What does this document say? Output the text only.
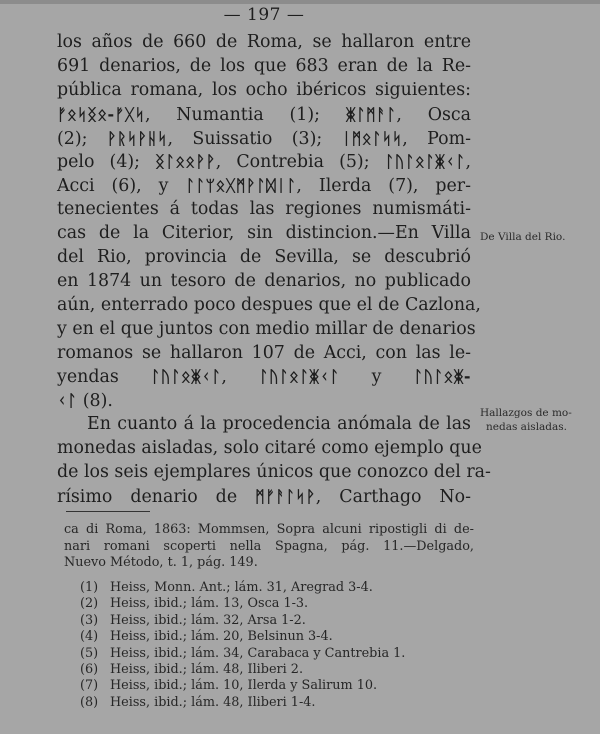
— 197 —
los años de 660 de Roma, se hallaron entre
691 denarios, de los que 683 eran de la Re-
pública romana, los ocho ibéricos siguientes:
ᚠᛟᛋᛝᛟ-ᚠᚷᛋ, Numantia (1); ᛤᛚᛗᚨᛚ, Osca
(2); ᚹᚱᛋᚹᚺᛋ, Suissatio (3); ᛁᛗᛟᛚᛋᛋ, Pom-
pelo (4); ᛝᛚᛟᛟᚹᚹ, Contrebia (5); ᛚᚢᛚᛟᛚᛤᚲᛚ,
Acci (6), y ᛚᛚᛘᛟᚷᛗᚹᛚᛞᛁᛚ, Ilerda (7), per-
tenecientes á todas las regiones numismáti-
cas de la Citerior, sin distincion.—En Villa
del Rio, provincia de Sevilla, se descubrió
en 1874 un tesoro de denarios, no publicado
aún, enterrado poco despues que el de Cazlona,
y en el que juntos con medio millar de denarios
romanos se hallaron 107 de Acci, con las le-
yendas ᛚᚢᛚᛟᛤᚲᛚ, ᛚᚢᛚᛟᛚᛤᚲᛚ y ᛚᚢᛚᛟᛤ-
ᚲᛚ (8).
En cuanto á la procedencia anómala de las
monedas aisladas, solo citaré como ejemplo que
de los seis ejemplares únicos que conozco del ra-
rísimo denario de ᛗᚠᚨᛚᛋᚹ, Carthago No-
De Villa del Rio.
Hallazgos de mo-
nedas aisladas.
ca di Roma, 1863: Mommsen, Sopra alcuni ripostigli di de-
nari romani scoperti nella Spagna, pág. 11.—Delgado,
Nuevo Método, t. 1, pág. 149.
(1) Heiss, Monn. Ant.; lám. 31, Aregrad 3-4.
(2) Heiss, ibid.; lám. 13, Osca 1-3.
(3) Heiss, ibid.; lám. 32, Arsa 1-2.
(4) Heiss, ibid.; lám. 20, Belsinun 3-4.
(5) Heiss, ibid.; lám. 34, Carabaca y Cantrebia 1.
(6) Heiss, ibid.; lám. 48, Iliberi 2.
(7) Heiss, ibid.; lám. 10, Ilerda y Salirum 10.
(8) Heiss, ibid.; lám. 48, Iliberi 1-4.
